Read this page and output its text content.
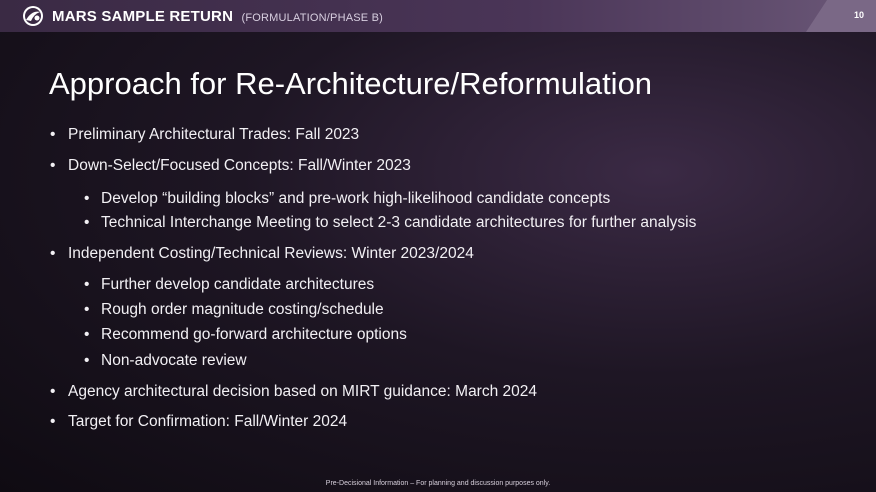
MARS SAMPLE RETURN (FORMULATION/PHASE B)	10
Approach for Re-Architecture/Reformulation
• Preliminary Architectural Trades: Fall 2023
• Down-Select/Focused Concepts: Fall/Winter 2023
• Develop “building blocks” and pre-work high-likelihood candidate concepts
• Technical Interchange Meeting to select 2-3 candidate architectures for further analysis
• Independent Costing/Technical Reviews: Winter 2023/2024
• Further develop candidate architectures
• Rough order magnitude costing/schedule
• Recommend go-forward architecture options
• Non-advocate review
• Agency architectural decision based on MIRT guidance: March 2024
• Target for Confirmation: Fall/Winter 2024
Pre-Decisional Information – For planning and discussion purposes only.
